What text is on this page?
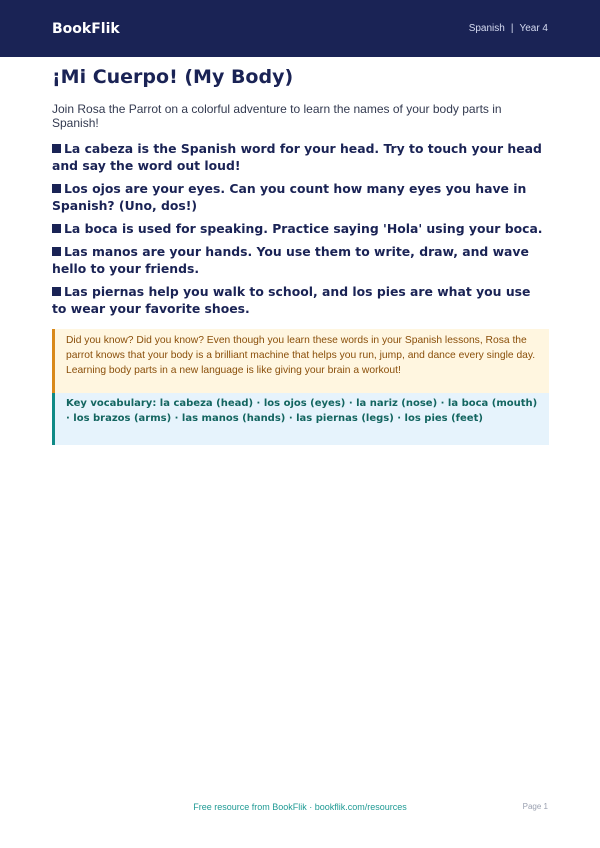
BookFlik	Spanish | Year 4
¡Mi Cuerpo! (My Body)

Join Rosa the Parrot on a colorful adventure to learn the names of your body parts in Spanish!

La cabeza is the Spanish word for your head. Try to touch your head and say the word out loud!
Los ojos are your eyes. Can you count how many eyes you have in Spanish? (Uno, dos!)
La boca is used for speaking. Practice saying 'Hola' using your boca.
Las manos are your hands. You use them to write, draw, and wave hello to your friends.
Las piernas help you walk to school, and los pies are what you use to wear your favorite shoes.
Did you know? Did you know? Even though you learn these words in your Spanish lessons, Rosa the parrot knows that your body is a brilliant machine that helps you run, jump, and dance every single day. Learning body parts in a new language is like giving your brain a workout!
Key vocabulary: la cabeza (head) · los ojos (eyes) · la nariz (nose) · la boca (mouth) · los brazos (arms) · las manos (hands) · las piernas (legs) · los pies (feet)
Free resource from BookFlik · bookflik.com/resources	Page 1
